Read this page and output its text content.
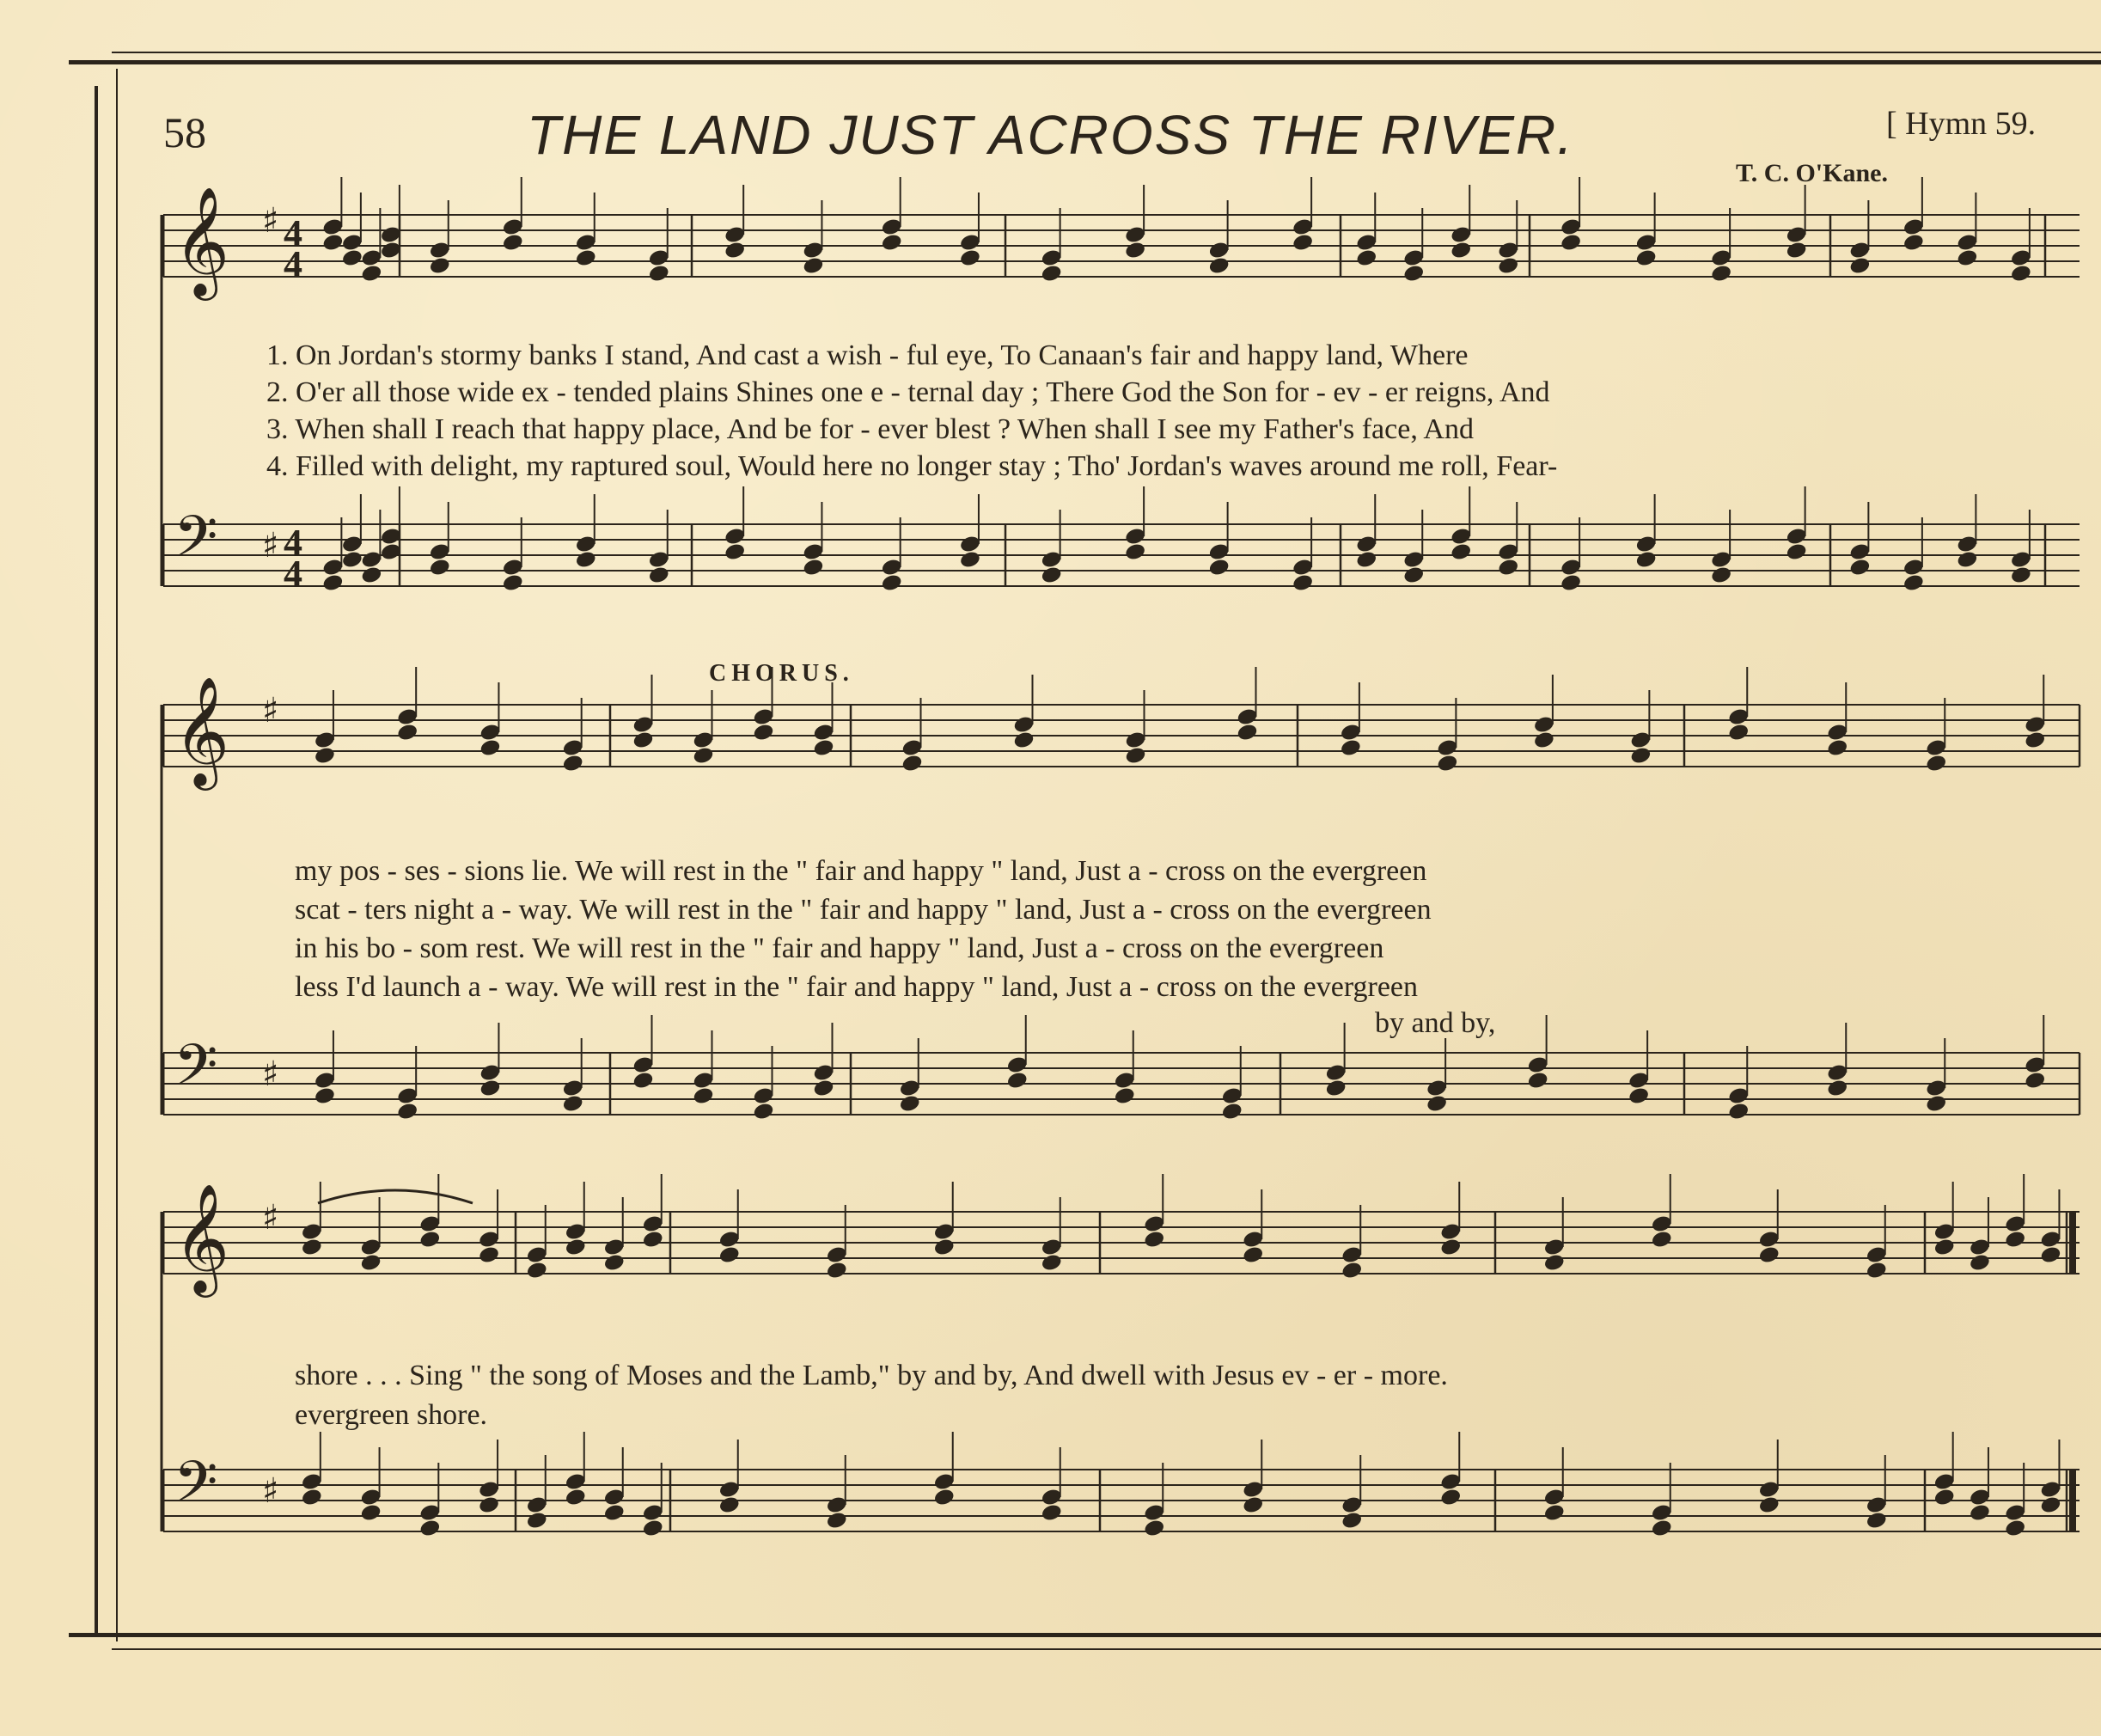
58	THE LAND JUST ACROSS THE RIVER.	[ Hymn 59.
T. C. O'Kane.
𝄞 ♯ 4
4
𝄢 ♯ 4
4
𝄞 ♯
𝄢 ♯
𝄞 ♯
𝄢 ♯
1. On Jordan's stormy banks I stand, And cast a wish - ful eye, To Canaan's fair and happy land, Where
2. O'er all those wide ex - tended plains Shines one e - ternal day ; There God the Son for - ev - er reigns, And
3. When shall I reach that happy place, And be for - ever blest ? When shall I see my Father's face, And
4. Filled with delight, my raptured soul, Would here no longer stay ; Tho' Jordan's waves around me roll, Fear-
CHORUS.
my pos - ses - sions lie. We will rest in the " fair and happy " land, Just a - cross on the evergreen
scat - ters night a - way. We will rest in the " fair and happy " land, Just a - cross on the evergreen
in his bo - som rest. We will rest in the " fair and happy " land, Just a - cross on the evergreen
less I'd launch a - way. We will rest in the " fair and happy " land, Just a - cross on the evergreen
by and by,
shore . . . Sing " the song of Moses and the Lamb," by and by, And dwell with Jesus ev - er - more.
evergreen shore.
